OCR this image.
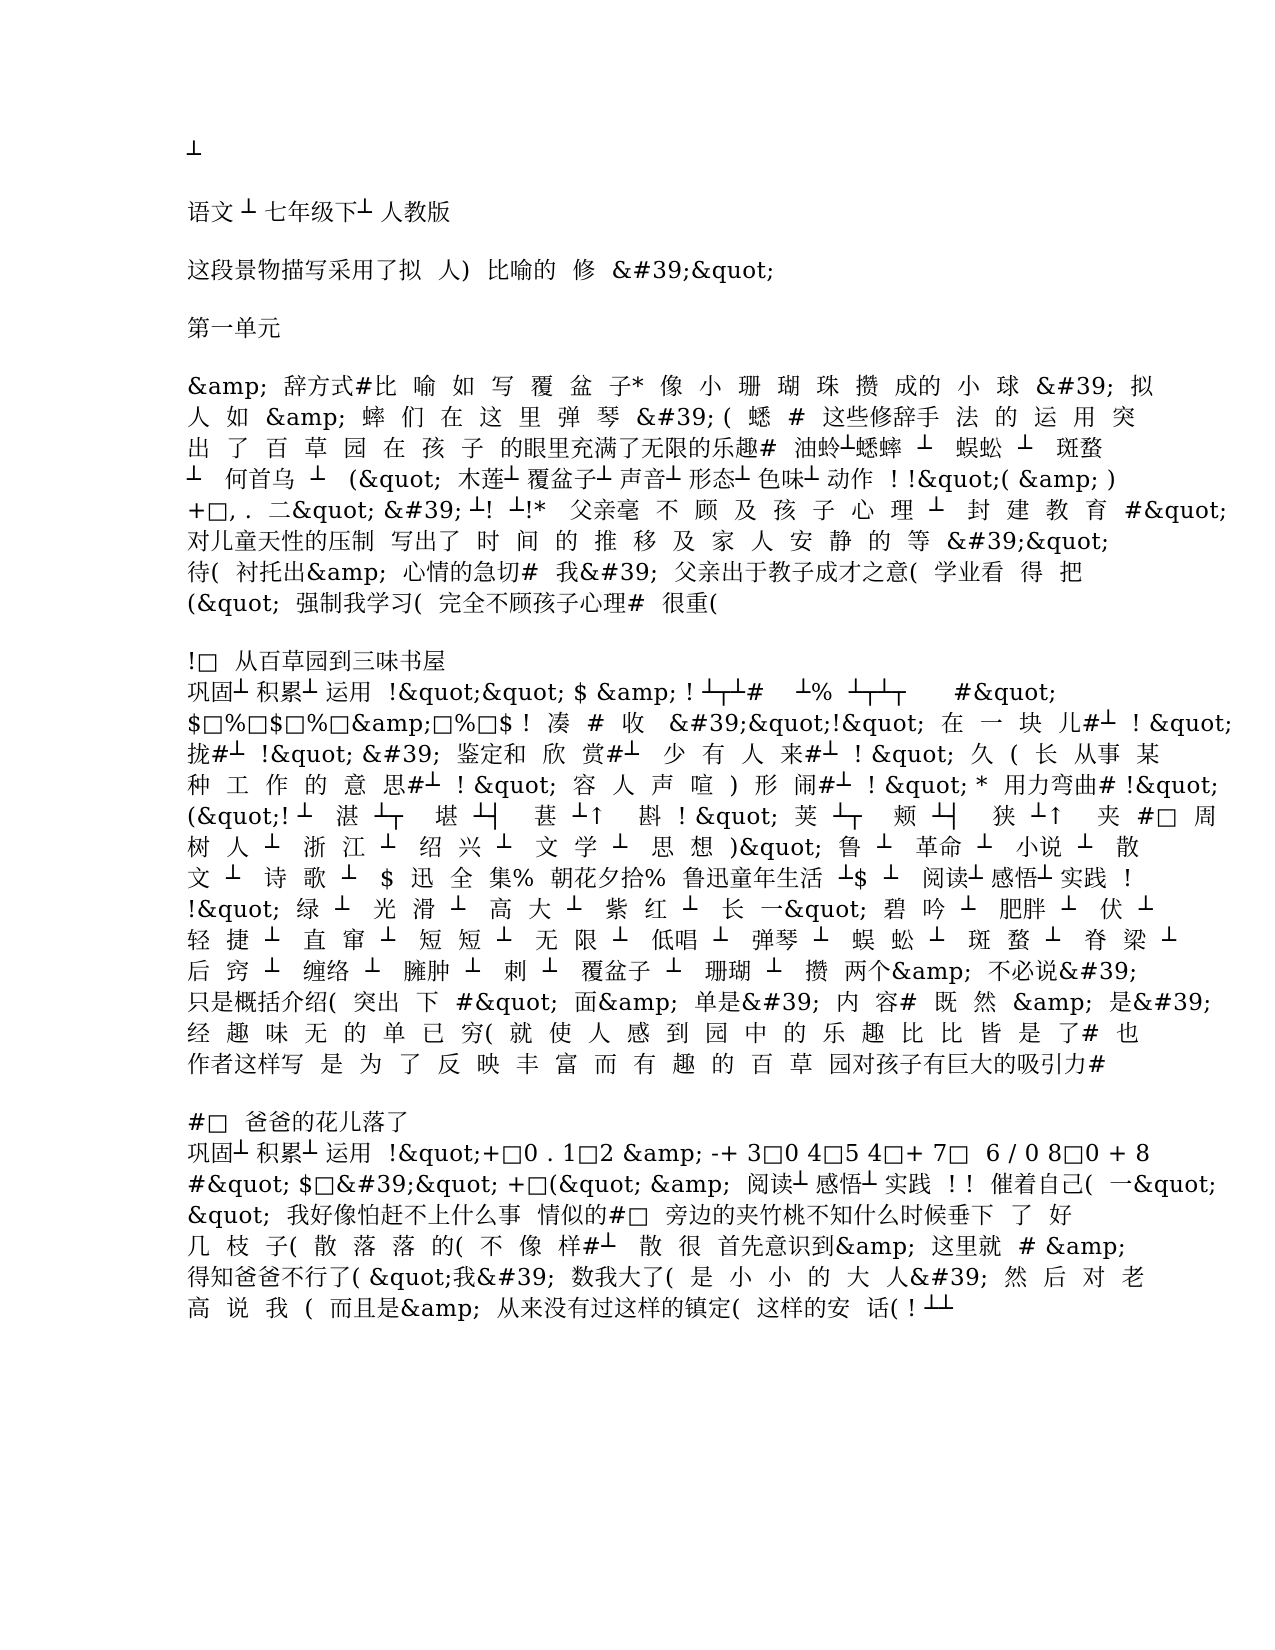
┴
语文 ┴ 七年级下┴ 人教版
这段景物描写采用了拟  人)  比喻的  修  &#39;&quot;
第一单元
&amp;  辞方式#比  喻  如  写  覆  盆  子*  像  小  珊  瑚  珠  攒  成的  小  球  &#39;  拟
人  如  &amp;  蟀  们  在  这  里  弹  琴  &#39; (  蟋  #  这些修辞手  法  的  运  用  突
出  了  百  草  园  在  孩  子  的眼里充满了无限的乐趣#  油蛉┴蟋蟀  ┴   蜈蚣  ┴   斑蝥
┴   何首乌  ┴   (&quot;  木莲┴ 覆盆子┴ 声音┴ 形态┴ 色味┴ 动作  ! !&quot;( &amp; )
+□, .  二&quot; &#39; ┴!  ┴!*   父亲毫  不  顾  及  孩  子  心  理  ┴   封  建  教  育  #&quot;
对儿童天性的压制  写出了  时  间  的  推  移  及  家  人  安  静  的  等  &#39;&quot;
待(  衬托出&amp;  心情的急切#  我&#39;  父亲出于教子成才之意(  学业看  得  把
(&quot;  强制我学习(  完全不顾孩子心理#  很重(
!□  从百草园到三味书屋
巩固┴ 积累┴ 运用  !&quot;&quot; $ &amp; ! ┴┬┴#    ┴%  ┴┬┴┬      #&quot;
$□%□$□%□&amp;□%□$ !  凑  #  收   &#39;&quot;!&quot;  在  一  块  儿#┴  ! &quot;
拢#┴  !&quot; &#39;  鉴定和  欣  赏#┴   少  有  人  来#┴  ! &quot;  久  (  长  从事  某
种  工  作  的  意  思#┴  ! &quot;  容  人  声  喧  )  形  闹#┴  ! &quot; *  用力弯曲# !&quot;
(&quot;! ┴   湛  ┴┬    堪  ┴┤    葚  ┴↑    斟  ! &quot;  荚  ┴┬    颊  ┴┤    狭  ┴↑    夹  #□  周
树  人  ┴   浙  江  ┴   绍  兴  ┴   文  学  ┴   思  想  )&quot;  鲁  ┴   革命  ┴   小说  ┴   散
文  ┴   诗  歌  ┴   $  迅  全  集%  朝花夕拾%  鲁迅童年生活  ┴$  ┴   阅读┴ 感悟┴ 实践  !
!&quot;  绿  ┴   光  滑  ┴   高  大  ┴   紫  红  ┴   长  一&quot;  碧  吟  ┴   肥胖  ┴   伏  ┴
轻  捷  ┴   直  窜  ┴   短  短  ┴   无  限  ┴   低唱  ┴   弹琴  ┴   蜈  蚣  ┴   斑  蝥  ┴   脊  梁  ┴
后  窍  ┴   缠络  ┴   臃肿  ┴   刺  ┴   覆盆子  ┴   珊瑚  ┴   攒  两个&amp;  不必说&#39;
只是概括介绍(  突出  下  #&quot;  面&amp;  单是&#39;  内  容#  既  然  &amp;  是&#39;
经  趣  味  无  的  单  已  穷(  就  使  人  感  到  园  中  的  乐  趣  比  比  皆  是  了#  也
作者这样写  是  为  了  反  映  丰  富  而  有  趣  的  百  草  园对孩子有巨大的吸引力#
#□  爸爸的花儿落了
巩固┴ 积累┴ 运用  !&quot;+□0 . 1□2 &amp; -+ 3□0 4□5 4□+ 7□  6 / 0 8□0 + 8
#&quot; $□&#39;&quot; +□(&quot; &amp;  阅读┴ 感悟┴ 实践  ! !  催着自己(  一&quot;
&quot;  我好像怕赶不上什么事  情似的#□  旁边的夹竹桃不知什么时候垂下  了  好
几  枝  子(  散  落  落  的(  不  像  样#┴   散  很  首先意识到&amp;  这里就  # &amp;
得知爸爸不行了( &quot;我&#39;  数我大了(  是  小  小  的  大  人&#39;  然  后  对  老
高  说  我  (  而且是&amp;  从来没有过这样的镇定(  这样的安  话( ! ┴┴
